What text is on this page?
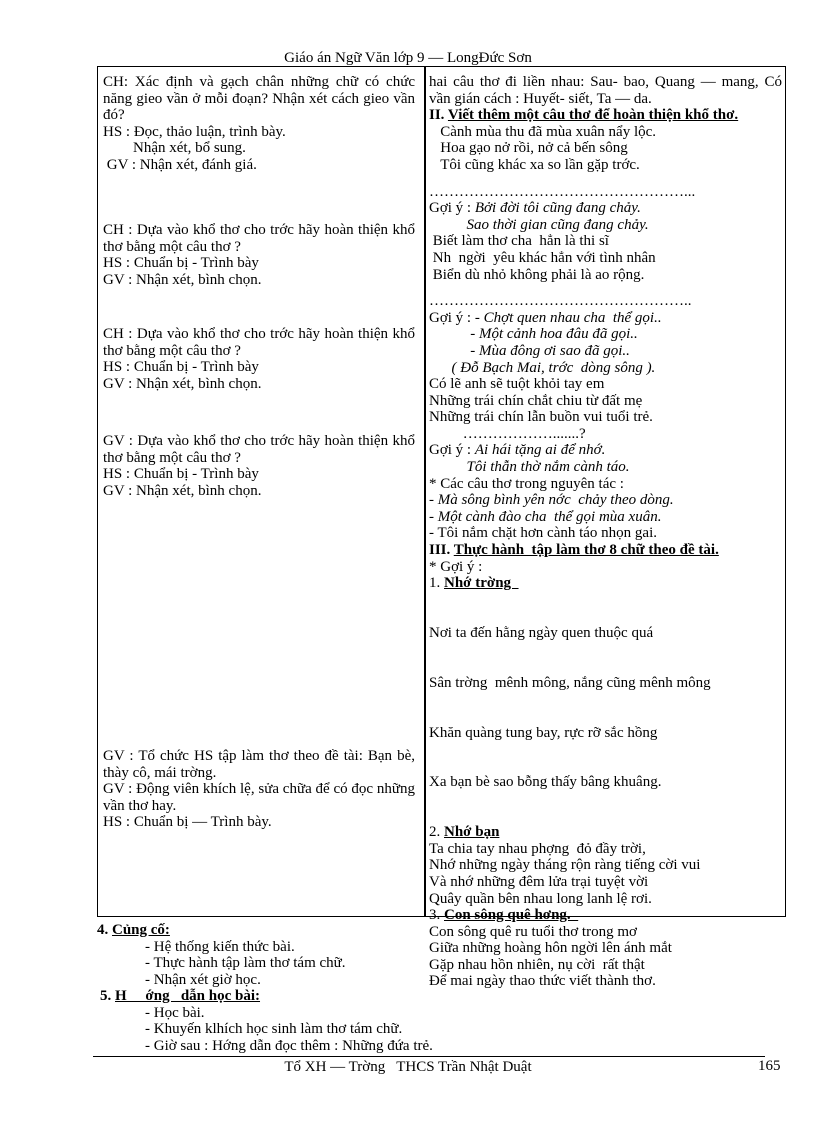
Giáo án Ngữ Văn lớp 9 — LongĐức Sơn
CH: Xác định và gạch chân những chữ có chức năng gieo vần ở mỗi đoạn? Nhận xét cách gieo vần đó?
HS : Đọc, thảo luận, trình bày.
Nhận xét, bổ sung.
GV : Nhận xét, đánh giá.
CH : Dựa vào khổ thơ cho trớc hãy hoàn thiện khổ thơ bằng một câu thơ ?
HS : Chuẩn bị - Trình bày
GV : Nhận xét, bình chọn.
CH : Dựa vào khổ thơ cho trớc hãy hoàn thiện khổ thơ bằng một câu thơ ?
HS : Chuẩn bị - Trình bày
GV : Nhận xét, bình chọn.
GV : Dựa vào khổ thơ cho trớc hãy hoàn thiện khổ thơ bằng một câu thơ ?
HS : Chuẩn bị - Trình bày
GV : Nhận xét, bình chọn.
GV : Tổ chức HS tập làm thơ theo đề tài: Bạn bè, thày cô, mái trờng.
GV : Động viên khích lệ, sửa chữa để có đọc những vần thơ hay.
HS : Chuẩn bị — Trình bày.
hai câu thơ đi liền nhau: Sau- bao, Quang — mang, Có vần gián cách : Huyết- siết, Ta — da.
II. Viết thêm một câu thơ để hoàn thiện khổ thơ.
Cành mùa thu đã mùa xuân nẩy lộc.
Hoa gạo nở rồi, nở cả bến sông
Tôi cũng khác xa so lần gặp trớc.
……………………………………………...
Gợi ý : Bởi đời tôi cũng đang chảy.
Sao thời gian cũng đang chảy.
Biết làm thơ cha  hẳn là thi sĩ
Nh  ngời  yêu khác hẳn với tình nhân
Biển dù nhỏ không phải là ao rộng.
……………………………………………..
Gợi ý : - Chợt quen nhau cha  thể gọi..
- Một cảnh hoa đâu đã gọi..
- Mùa đông ơi sao đã gọi..
( Đỗ Bạch Mai, trớc  dòng sông ).
Có lẽ anh sẽ tuột khỏi tay em
Những trái chín chắt chiu từ đất mẹ
Những trái chín lẫn buồn vui tuổi trẻ.
……………….......?
Gợi ý : Ai hái tặng ai để nhớ.
Tôi thẫn thờ nắm cành táo.
* Các câu thơ trong nguyên tác :
- Mà sông bình yên nớc  chảy theo dòng.
- Một cành đào cha  thể gọi mùa xuân.
- Tôi nắm chặt hơn cành táo nhọn gai.
III. Thực hành  tập làm thơ 8 chữ theo đề tài.
* Gợi ý :
1. Nhớ trờng

Nơi ta đến hằng ngày quen thuộc quá

Sân trờng  mênh mông, nắng cũng mênh mông

Khăn quàng tung bay, rực rỡ sắc hồng

Xa bạn bè sao bỗng thấy bâng khuâng.

2. Nhớ bạn
Ta chia tay nhau phợng  đỏ đầy trời,
Nhớ những ngày tháng rộn ràng tiếng cời vui
Và nhớ những đêm lửa trại tuyệt vời
Quây quần bên nhau long lanh lệ rơi.
3. Con sông quê hơng.
Con sông quê ru tuổi thơ trong mơ
Giữa những hoàng hôn ngời lên ánh mắt
Gặp nhau hồn nhiên, nụ cời  rất thật
Để mai ngày thao thức viết thành thơ.
4. Củng cố:
- Hệ thống kiến thức bài.
- Thực hành tập làm thơ tám chữ.
- Nhận xét giờ học.
5. H     ớng   dẫn học bài:
- Học bài.
- Khuyến klhích học sinh làm thơ tám chữ.
- Giờ sau : Hớng dẫn đọc thêm : Những đứa trẻ.
Tổ XH — Trờng   THCS Trần Nhật Duật	165
